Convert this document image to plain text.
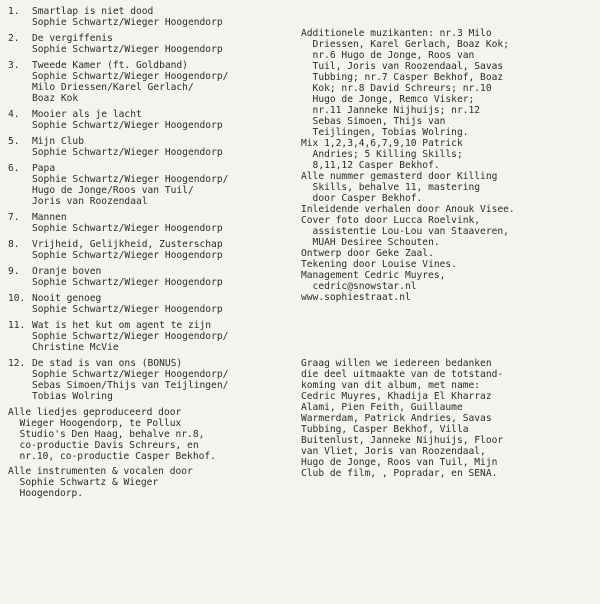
1. Smartlap is niet dood
Sophie Schwartz/Wieger Hoogendorp
2. De vergiffenis
Sophie Schwartz/Wieger Hoogendorp
3. Tweede Kamer (ft. Goldband)
Sophie Schwartz/Wieger Hoogendorp/
Milo Driessen/Karel Gerlach/
Boaz Kok
4. Mooier als je lacht
Sophie Schwartz/Wieger Hoogendorp
5. Mijn Club
Sophie Schwartz/Wieger Hoogendorp
6. Papa
Sophie Schwartz/Wieger Hoogendorp/
Hugo de Jonge/Roos van Tuil/
Joris van Roozendaal
7. Mannen
Sophie Schwartz/Wieger Hoogendorp
8. Vrijheid, Gelijkheid, Zusterschap
Sophie Schwartz/Wieger Hoogendorp
9. Oranje boven
Sophie Schwartz/Wieger Hoogendorp
10. Nooit genoeg
Sophie Schwartz/Wieger Hoogendorp
11. Wat is het kut om agent te zijn
Sophie Schwartz/Wieger Hoogendorp/
Christine McVie
12. De stad is van ons (BONUS)
Sophie Schwartz/Wieger Hoogendorp/
Sebas Simoen/Thijs van Teijlingen/
Tobias Wolring
Alle liedjes geproduceerd door
Wieger Hoogendorp, te Pollux
Studio's Den Haag, behalve nr.8,
co-productie Davis Schreurs, en
nr.10, co-productie Casper Bekhof.
Alle instrumenten & vocalen door
Sophie Schwartz & Wieger
Hoogendorp.

Additionele muzikanten: nr.3 Milo
Driessen, Karel Gerlach, Boaz Kok;
nr.6 Hugo de Jonge, Roos van
Tuil, Joris van Roozendaal, Savas
Tubbing; nr.7 Casper Bekhof, Boaz
Kok; nr.8 David Schreurs; nr.10
Hugo de Jonge, Remco Visker;
nr.11 Janneke Nijhuijs; nr.12
Sebas Simoen, Thijs van
Teijlingen, Tobias Wolring.
Mix 1,2,3,4,6,7,9,10 Patrick
Andries; 5 Killing Skills;
8,11,12 Casper Bekhof.
Alle nummer gemasterd door Killing
Skills, behalve 11, mastering
door Casper Bekhof.
Inleidende verhalen door Anouk Visee.
Cover foto door Lucca Roelvink,
assistentie Lou-Lou van Staaveren,
MUAH Desiree Schouten.
Ontwerp door Geke Zaal.
Tekening door Louise Vines.
Management Cedric Muyres,
cedric@snowstar.nl
www.sophiestraat.nl

Graag willen we iedereen bedanken
die deel uitmaakte van de totstand-
koming van dit album, met name:
Cedric Muyres, Khadija El Kharraz
Alami, Pien Feith, Guillaume
Warmerdam, Patrick Andries, Savas
Tubbing, Casper Bekhof, Villa
Buitenlust, Janneke Nijhuijs, Floor
van Vliet, Joris van Roozendaal,
Hugo de Jonge, Roos van Tuil, Mijn
Club de film, , Popradar, en SENA.
